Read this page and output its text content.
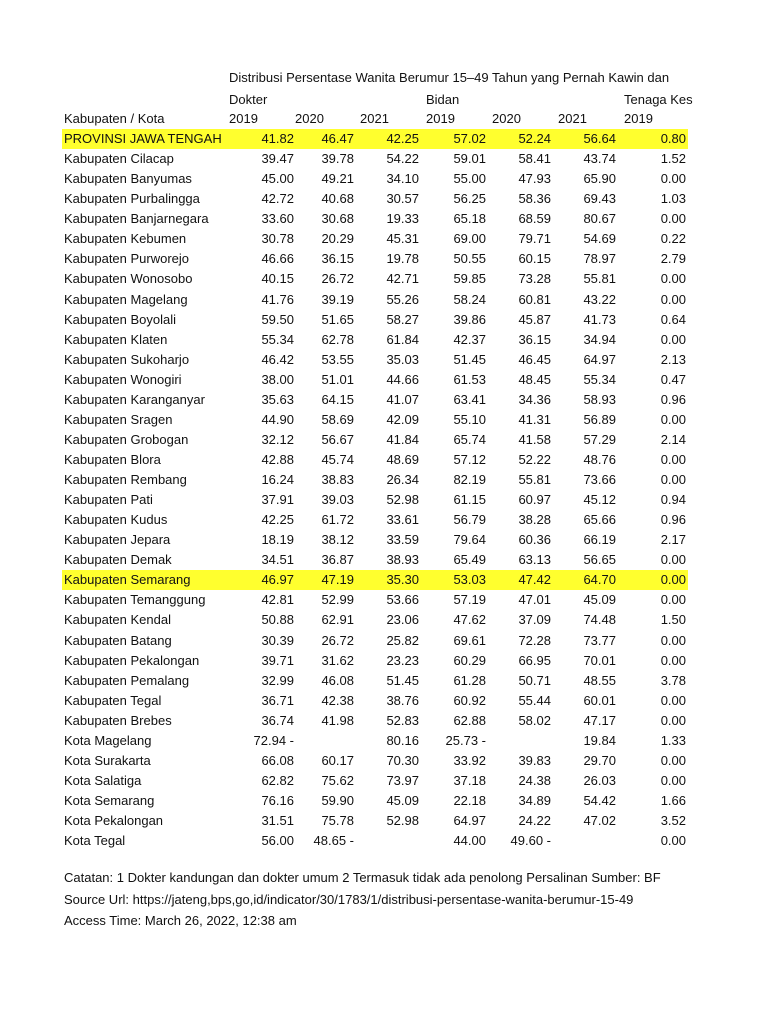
Distribusi Persentase Wanita Berumur 15–49 Tahun yang Pernah Kawin dan
Dokter	Bidan	Tenaga Kes
Kabupaten / Kota	2019	2020	2021	2019	2020	2021	2019
PROVINSI JAWA TENGAH	41.82 46.47 42.25	57.02 52.24 56.64	0.80
Kabupaten Cilacap	39.47 39.78 54.22	59.01 58.41 43.74	1.52
Kabupaten Banyumas	45.00 49.21 34.10	55.00 47.93 65.90	0.00
Kabupaten Purbalingga	42.72 40.68 30.57	56.25 58.36 69.43	1.03
Kabupaten Banjarnegara	33.60 30.68 19.33	65.18 68.59 80.67	0.00
Kabupaten Kebumen	30.78 20.29 45.31	69.00 79.71 54.69	0.22
Kabupaten Purworejo	46.66 36.15 19.78	50.55 60.15 78.97	2.79
Kabupaten Wonosobo	40.15 26.72 42.71	59.85 73.28 55.81	0.00
Kabupaten Magelang	41.76 39.19 55.26	58.24 60.81 43.22	0.00
Kabupaten Boyolali	59.50 51.65 58.27	39.86 45.87 41.73	0.64
Kabupaten Klaten	55.34 62.78 61.84	42.37 36.15 34.94	0.00
Kabupaten Sukoharjo	46.42 53.55 35.03	51.45 46.45 64.97	2.13
Kabupaten Wonogiri	38.00 51.01 44.66	61.53 48.45 55.34	0.47
Kabupaten Karanganyar	35.63 64.15 41.07	63.41 34.36 58.93	0.96
Kabupaten Sragen	44.90 58.69 42.09	55.10 41.31 56.89	0.00
Kabupaten Grobogan	32.12 56.67 41.84	65.74 41.58 57.29	2.14
Kabupaten Blora	42.88 45.74 48.69	57.12 52.22 48.76	0.00
Kabupaten Rembang	16.24 38.83 26.34	82.19 55.81 73.66	0.00
Kabupaten Pati	37.91 39.03 52.98	61.15 60.97 45.12	0.94
Kabupaten Kudus	42.25 61.72 33.61	56.79 38.28 65.66	0.96
Kabupaten Jepara	18.19 38.12 33.59	79.64 60.36 66.19	2.17
Kabupaten Demak	34.51 36.87 38.93	65.49 63.13 56.65	0.00
Kabupaten Semarang	46.97 47.19 35.30	53.03 47.42 64.70	0.00
Kabupaten Temanggung	42.81 52.99 53.66	57.19 47.01 45.09	0.00
Kabupaten Kendal	50.88 62.91 23.06	47.62 37.09 74.48	1.50
Kabupaten Batang	30.39 26.72 25.82	69.61 72.28 73.77	0.00
Kabupaten Pekalongan	39.71 31.62 23.23	60.29 66.95 70.01	0.00
Kabupaten Pemalang	32.99 46.08 51.45	61.28 50.71 48.55	3.78
Kabupaten Tegal	36.71 42.38 38.76	60.92 55.44 60.01	0.00
Kabupaten Brebes	36.74 41.98 52.83	62.88 58.02 47.17	0.00
Kota Magelang	72.94 -	80.16 25.73 -	19.84	1.33
Kota Surakarta	66.08 60.17 70.30	33.92 39.83 29.70	0.00
Kota Salatiga	62.82 75.62 73.97	37.18 24.38 26.03	0.00
Kota Semarang	76.16 59.90 45.09	22.18 34.89 54.42	1.66
Kota Pekalongan	31.51 75.78 52.98	64.97 24.22 47.02	3.52
Kota Tegal	56.00 48.65 -	44.00 49.60 -	0.00
Catatan: 1 Dokter kandungan dan dokter umum 2 Termasuk tidak ada penolong Persalinan Sumber: BF
Source Url: https://jateng,bps,go,id/indicator/30/1783/1/distribusi-persentase-wanita-berumur-15-49
Access Time: March 26, 2022, 12:38 am
